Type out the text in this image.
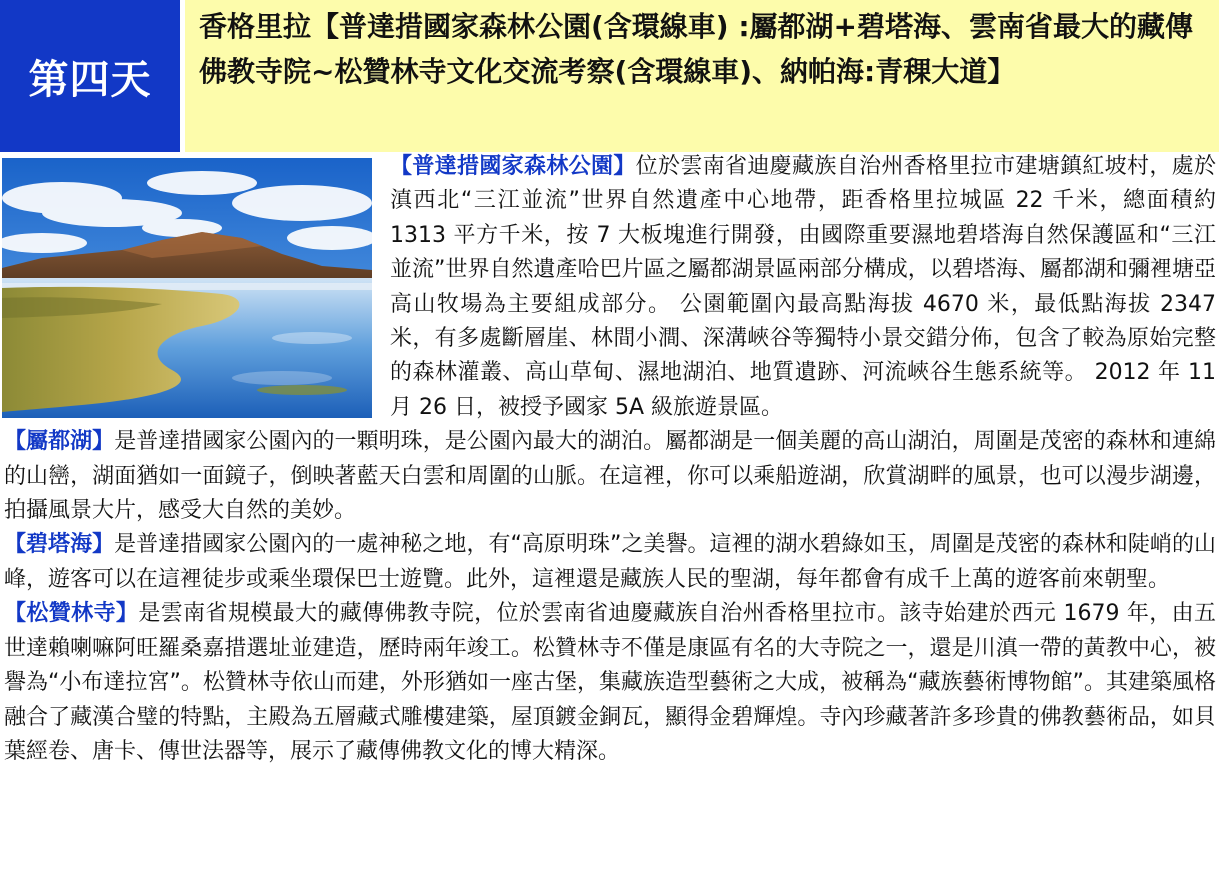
第四天
香格里拉【普達措國家森林公園(含環線車) :屬都湖+碧塔海、雲南省最大的藏傳佛教寺院~松贊林寺文化交流考察(含環線車)、納帕海:青稞大道】

【普達措國家森林公園】位於雲南省迪慶藏族自治州香格里拉市建塘鎮紅坡村，處於滇西北“三江並流”世界自然遺產中心地帶，距香格里拉城區 22 千米，總面積約 1313 平方千米，按 7 大板塊進行開發，由國際重要濕地碧塔海自然保護區和“三江並流”世界自然遺產哈巴片區之屬都湖景區兩部分構成，以碧塔海、屬都湖和彌裡塘亞高山牧場為主要組成部分。 公園範圍內最高點海拔 4670 米，最低點海拔 2347 米，有多處斷層崖、林間小澗、深溝峽谷等獨特小景交錯分佈，包含了較為原始完整的森林灌叢、高山草甸、濕地湖泊、地質遺跡、河流峽谷生態系統等。 2012 年 11 月 26 日，被授予國家 5A 級旅遊景區。

【屬都湖】是普達措國家公園內的一顆明珠，是公園內最大的湖泊。屬都湖是一個美麗的高山湖泊，周圍是茂密的森林和連綿的山巒，湖面猶如一面鏡子，倒映著藍天白雲和周圍的山脈。在這裡，你可以乘船遊湖，欣賞湖畔的風景，也可以漫步湖邊，拍攝風景大片，感受大自然的美妙。

【碧塔海】是普達措國家公園內的一處神秘之地，有“高原明珠”之美譽。這裡的湖水碧綠如玉，周圍是茂密的森林和陡峭的山峰，遊客可以在這裡徒步或乘坐環保巴士遊覽。此外，這裡還是藏族人民的聖湖，每年都會有成千上萬的遊客前來朝聖。

【松贊林寺】是雲南省規模最大的藏傳佛教寺院，位於雲南省迪慶藏族自治州香格里拉市。該寺始建於西元 1679 年，由五世達賴喇嘛阿旺羅桑嘉措選址並建造，歷時兩年竣工。松贊林寺不僅是康區有名的大寺院之一，還是川滇一帶的黃教中心，被譽為“小布達拉宮”。松贊林寺依山而建，外形猶如一座古堡，集藏族造型藝術之大成，被稱為“藏族藝術博物館”。其建築風格融合了藏漢合璧的特點，主殿為五層藏式雕樓建築，屋頂鍍金銅瓦，顯得金碧輝煌。寺內珍藏著許多珍貴的佛教藝術品，如貝葉經卷、唐卡、傳世法器等，展示了藏傳佛教文化的博大精深。
